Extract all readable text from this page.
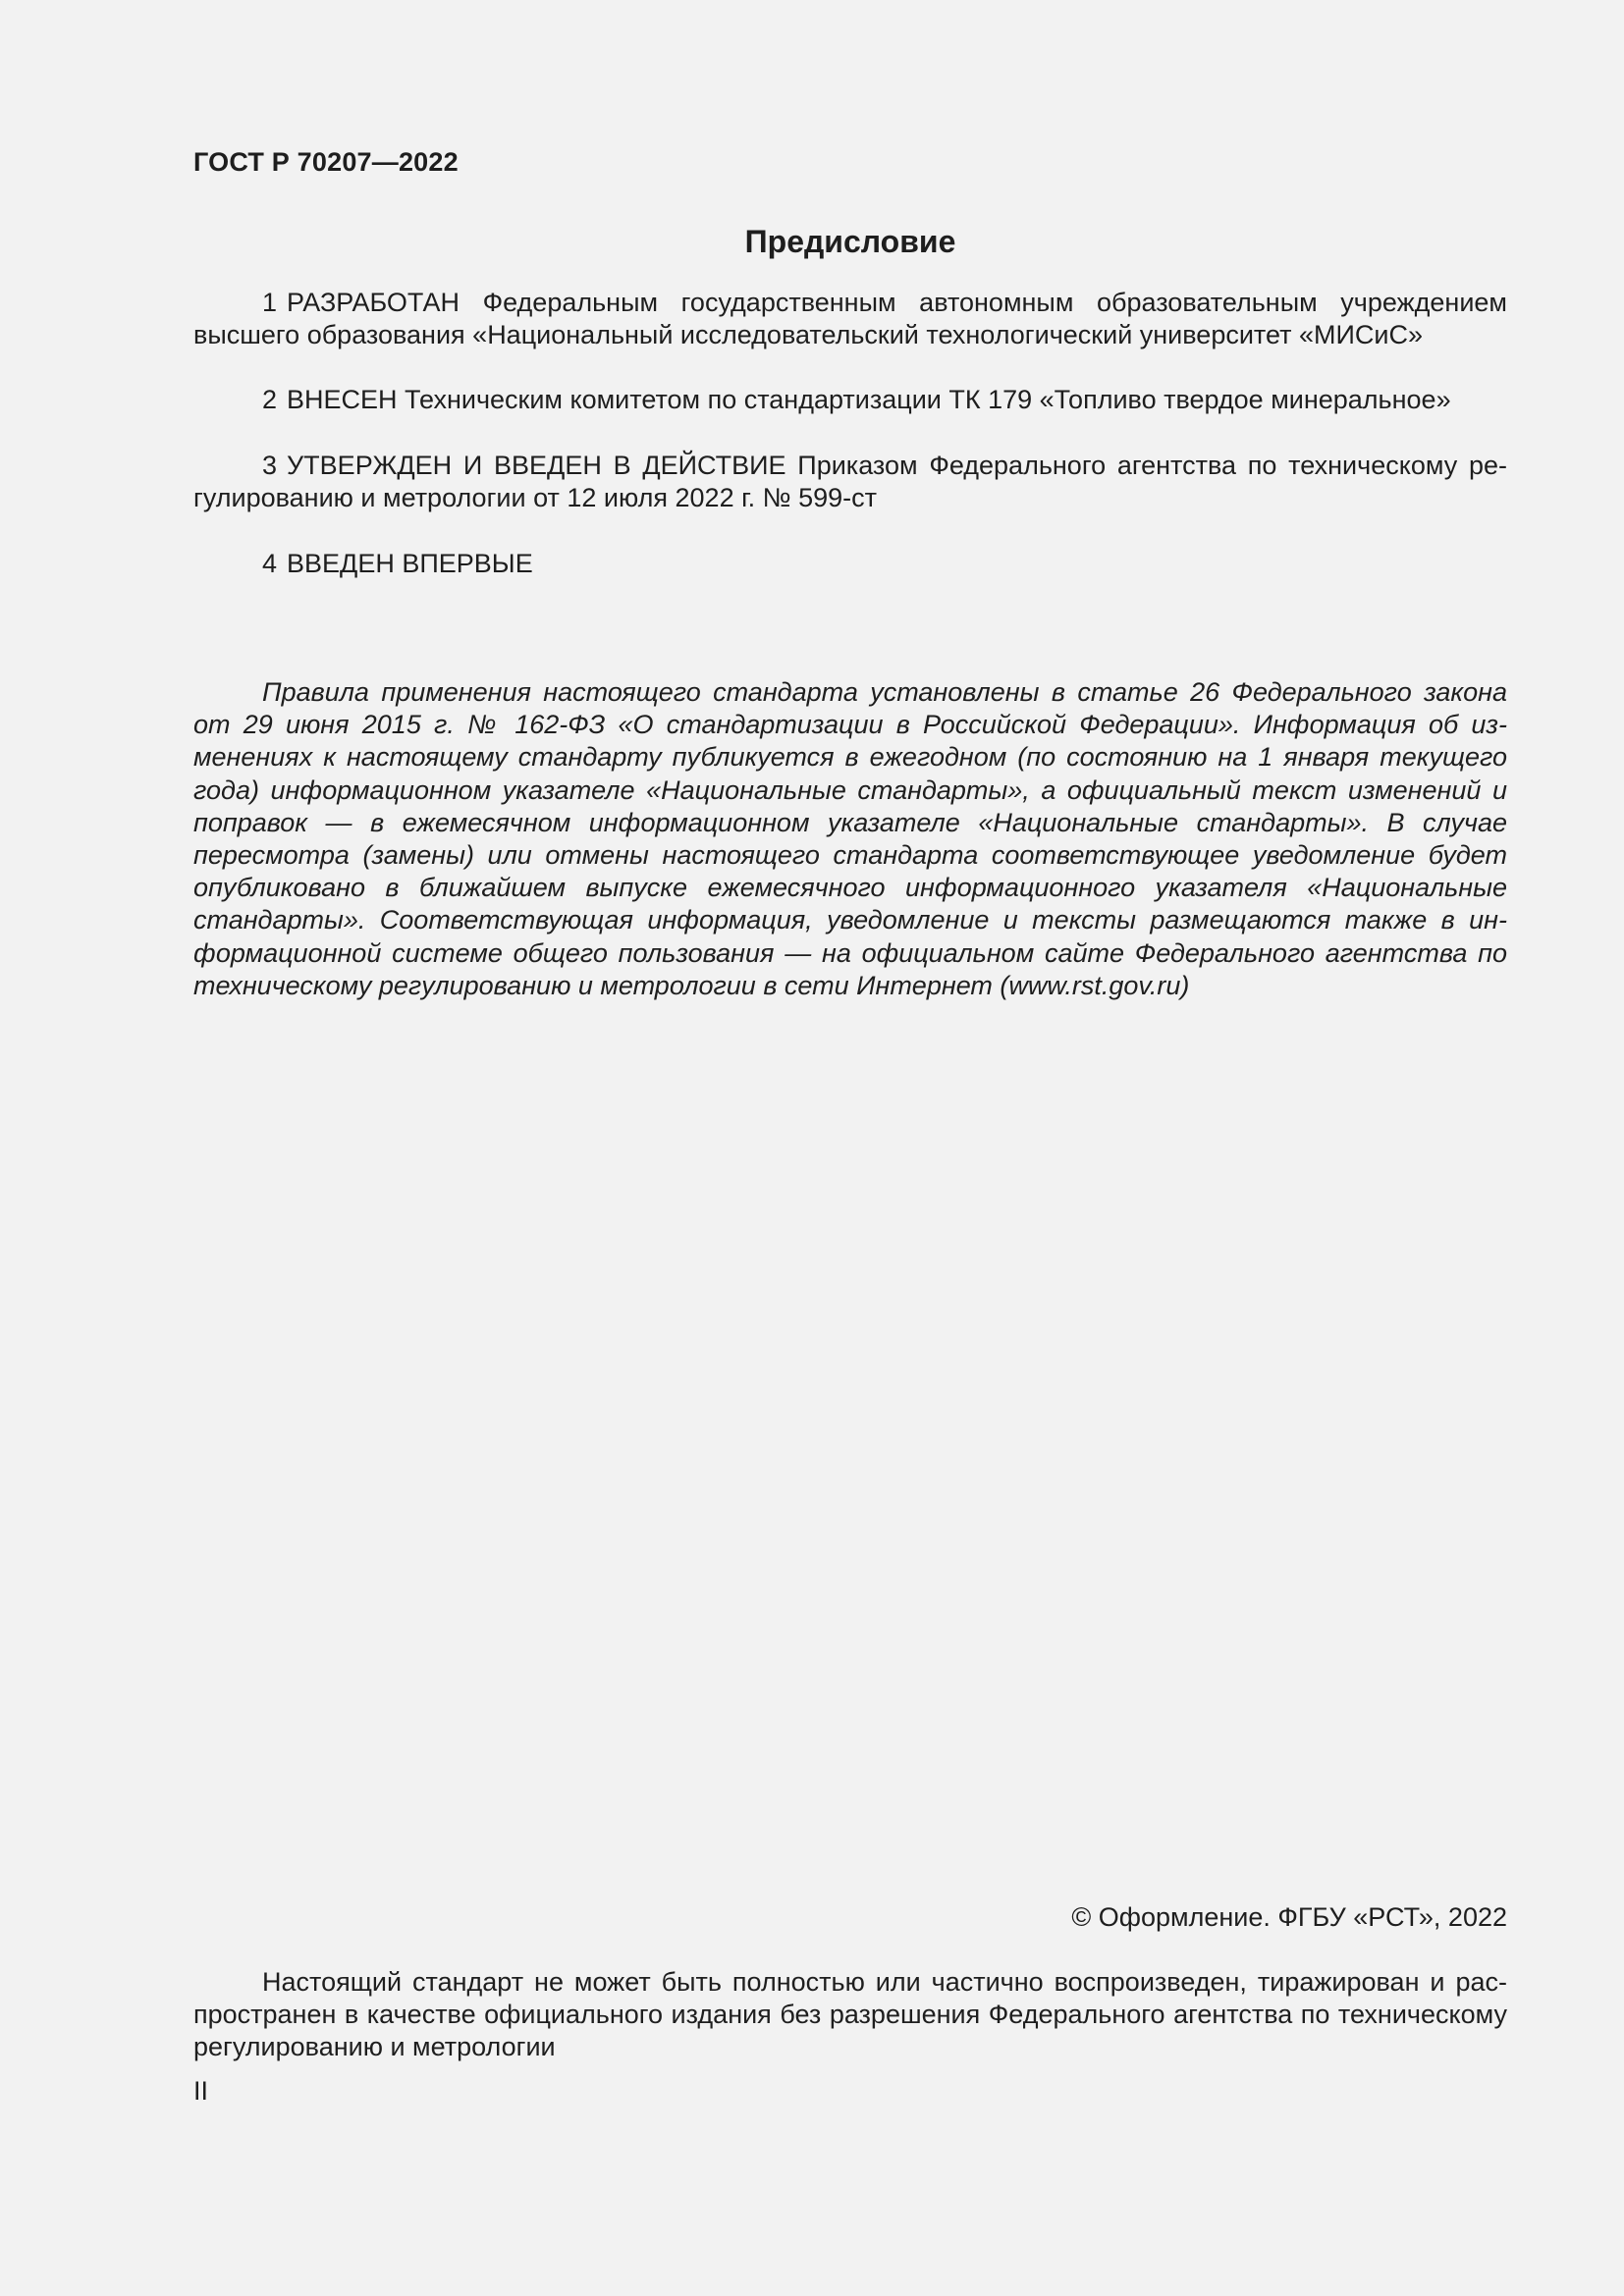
ГОСТ Р 70207—2022
Предисловие

1 РАЗРАБОТАН Федеральным государственным автономным образовательным учреждением высшего образования «Национальный исследовательский технологический университет «МИСиС»

2 ВНЕСЕН Техническим комитетом по стандартизации ТК 179 «Топливо твердое минеральное»

3 УТВЕРЖДЕН И ВВЕДЕН В ДЕЙСТВИЕ Приказом Федерального агентства по техническому регулированию и метрологии от 12 июля 2022 г. № 599-ст

4 ВВЕДЕН ВПЕРВЫЕ

Правила применения настоящего стандарта установлены в статье 26 Федерального закона от 29 июня 2015 г. № 162-ФЗ «О стандартизации в Российской Федерации». Информация об изменениях к настоящему стандарту публикуется в ежегодном (по состоянию на 1 января текущего года) информационном указателе «Национальные стандарты», а официальный текст изменений и поправок — в ежемесячном информационном указателе «Национальные стандарты». В случае пересмотра (замены) или отмены настоящего стандарта соответствующее уведомление будет опубликовано в ближайшем выпуске ежемесячного информационного указателя «Национальные стандарты». Соответствующая информация, уведомление и тексты размещаются также в информационной системе общего пользования — на официальном сайте Федерального агентства по техническому регулированию и метрологии в сети Интернет (www.rst.gov.ru)

© Оформление. ФГБУ «РСТ», 2022

Настоящий стандарт не может быть полностью или частично воспроизведен, тиражирован и распространен в качестве официального издания без разрешения Федерального агентства по техническому регулированию и метрологии

II
